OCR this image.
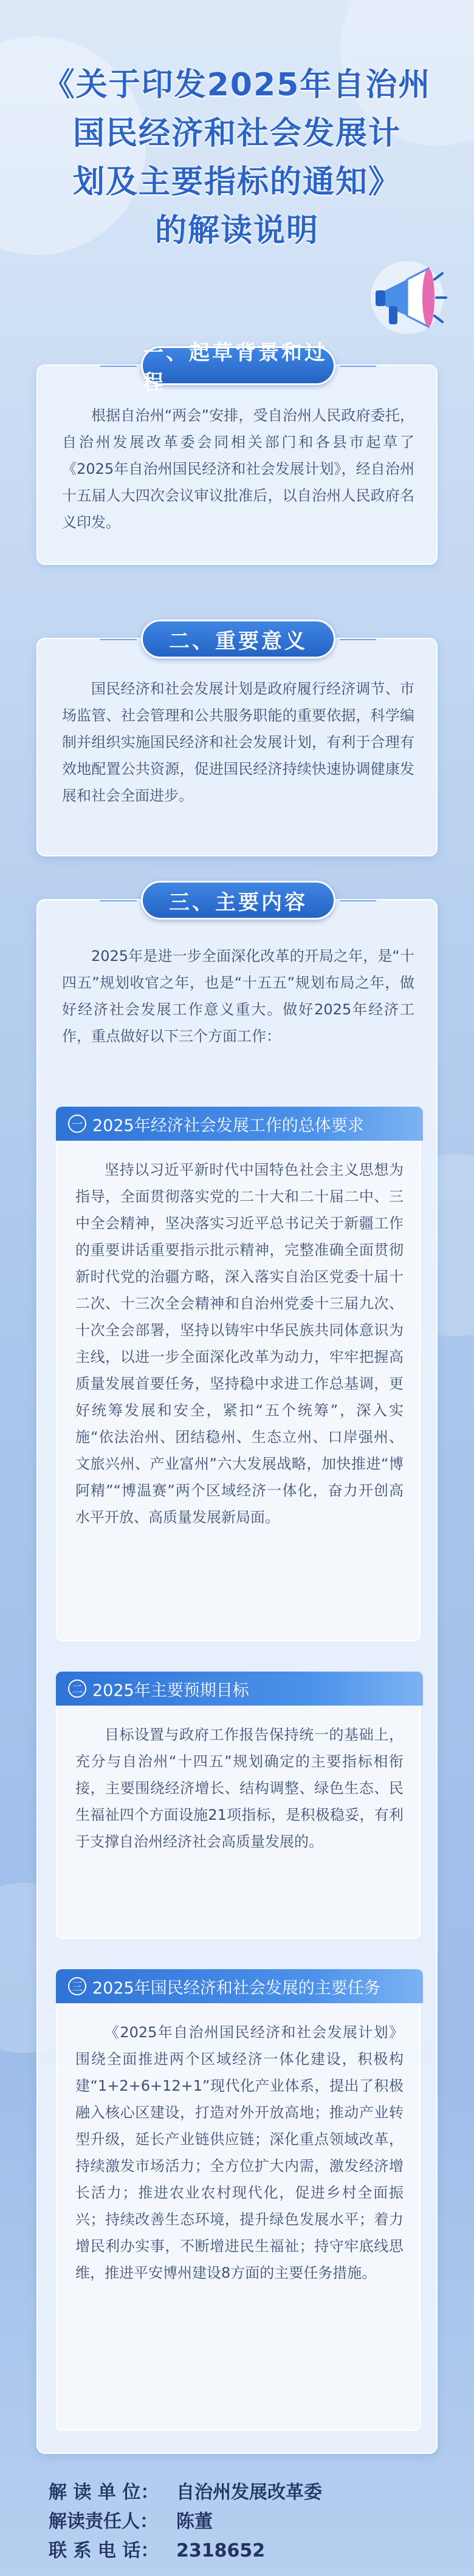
《关于印发2025年自治州
国民经济和社会发展计
划及主要指标的通知》
的解读说明
一、起草背景和过程

根据自治州“两会”安排，受自治州人民政府委托，自治州发展改革委会同相关部门和各县市起草了《2025年自治州国民经济和社会发展计划》，经自治州十五届人大四次会议审议批准后，以自治州人民政府名义印发。

二、重要意义

国民经济和社会发展计划是政府履行经济调节、市场监管、社会管理和公共服务职能的重要依据，科学编制并组织实施国民经济和社会发展计划，有利于合理有效地配置公共资源，促进国民经济持续快速协调健康发展和社会全面进步。

三、主要内容

2025年是进一步全面深化改革的开局之年，是“十四五”规划收官之年，也是“十五五”规划布局之年，做好经济社会发展工作意义重大。做好2025年经济工作，重点做好以下三个方面工作：

一 2025年经济社会发展工作的总体要求

坚持以习近平新时代中国特色社会主义思想为指导，全面贯彻落实党的二十大和二十届二中、三中全会精神，坚决落实习近平总书记关于新疆工作的重要讲话重要指示批示精神，完整准确全面贯彻新时代党的治疆方略，深入落实自治区党委十届十二次、十三次全会精神和自治州党委十三届九次、十次全会部署，坚持以铸牢中华民族共同体意识为主线，以进一步全面深化改革为动力，牢牢把握高质量发展首要任务，坚持稳中求进工作总基调，更好统筹发展和安全，紧扣“五个统筹”，深入实施“依法治州、团结稳州、生态立州、口岸强州、文旅兴州、产业富州”六大发展战略，加快推进“博阿精”“博温赛”两个区域经济一体化，奋力开创高水平开放、高质量发展新局面。

二 2025年主要预期目标

目标设置与政府工作报告保持统一的基础上，充分与自治州“十四五”规划确定的主要指标相衔接，主要围绕经济增长、结构调整、绿色生态、民生福祉四个方面设施21项指标，是积极稳妥，有利于支撑自治州经济社会高质量发展的。

三 2025年国民经济和社会发展的主要任务

《2025年自治州国民经济和社会发展计划》围绕全面推进两个区域经济一体化建设，积极构建“1+2+6+12+1”现代化产业体系，提出了积极融入核心区建设，打造对外开放高地；推动产业转型升级，延长产业链供应链；深化重点领域改革，持续激发市场活力；全方位扩大内需，激发经济增长活力；推进农业农村现代化，促进乡村全面振兴；持续改善生态环境，提升绿色发展水平；着力增民利办实事，不断增进民生福祉；持守牢底线思维，推进平安博州建设8方面的主要任务措施。

解 读 单 位： 自治州发展改革委
解读责任人：	陈董
联 系 电 话： 2318652
